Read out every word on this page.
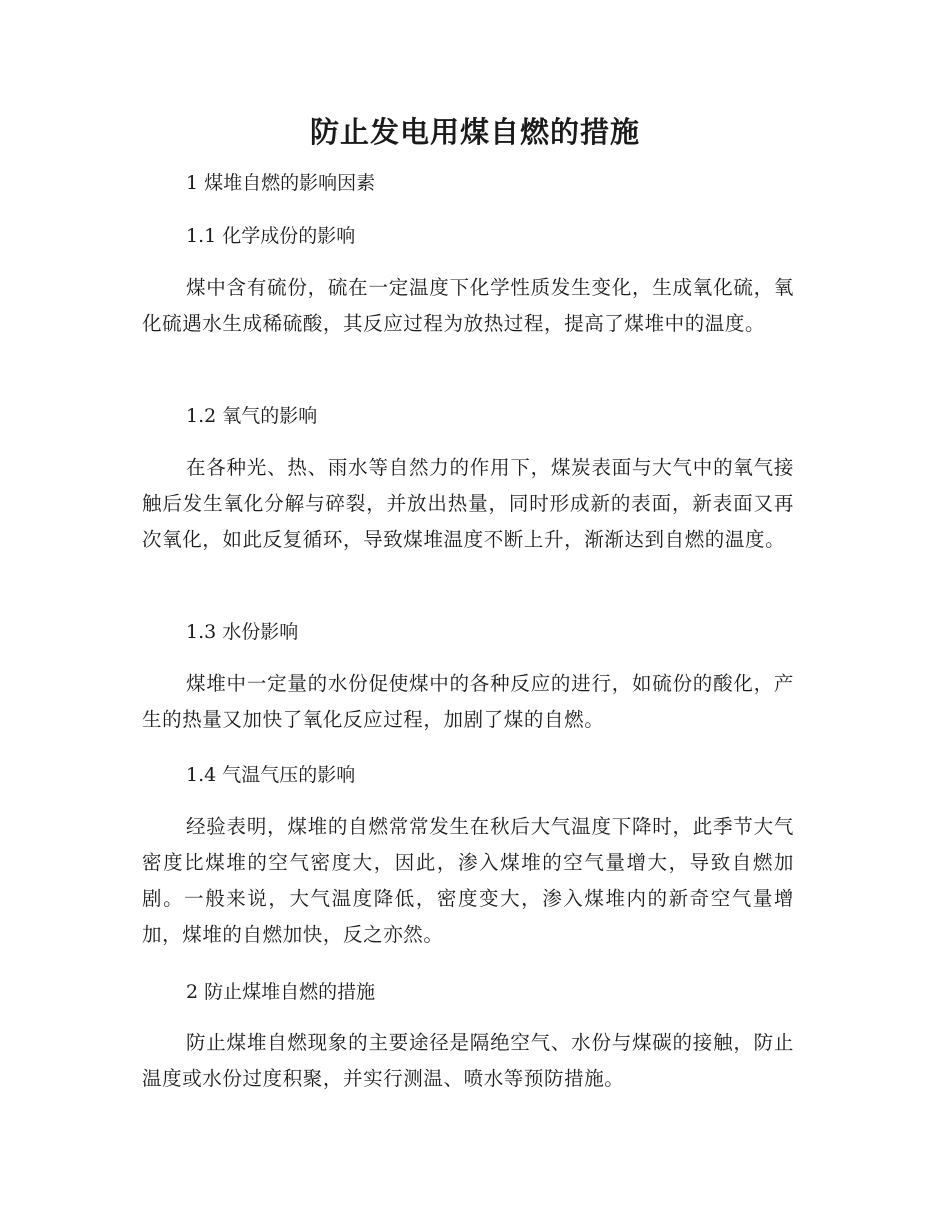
防止发电用煤自燃的措施
1 煤堆自燃的影响因素
1.1 化学成份的影响

煤中含有硫份，硫在一定温度下化学性质发生变化，生成氧化硫，氧化硫遇水生成稀硫酸，其反应过程为放热过程，提高了煤堆中的温度。

1.2 氧气的影响

在各种光、热、雨水等自然力的作用下，煤炭表面与大气中的氧气接触后发生氧化分解与碎裂，并放出热量，同时形成新的表面，新表面又再次氧化，如此反复循环，导致煤堆温度不断上升，渐渐达到自燃的温度。

1.3 水份影响

煤堆中一定量的水份促使煤中的各种反应的进行，如硫份的酸化，产生的热量又加快了氧化反应过程，加剧了煤的自燃。

1.4 气温气压的影响

经验表明，煤堆的自燃常常发生在秋后大气温度下降时，此季节大气密度比煤堆的空气密度大，因此，渗入煤堆的空气量增大，导致自燃加剧。一般来说，大气温度降低，密度变大，渗入煤堆内的新奇空气量增加，煤堆的自燃加快，反之亦然。

2 防止煤堆自燃的措施

防止煤堆自燃现象的主要途径是隔绝空气、水份与煤碳的接触，防止温度或水份过度积聚，并实行测温、喷水等预防措施。
